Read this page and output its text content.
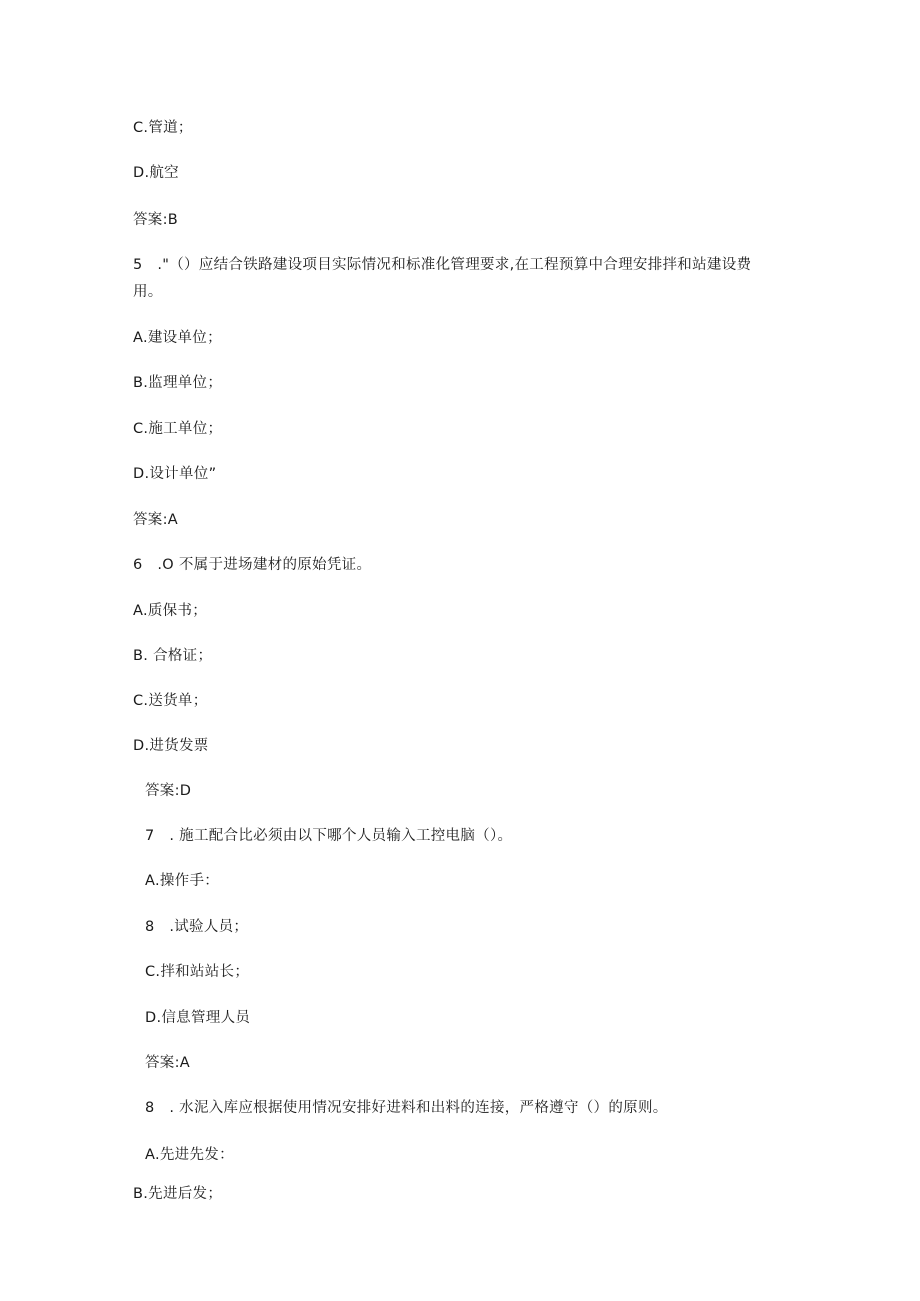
C.管道；
D.航空
答案:B
5 ."（）应结合铁路建设项目实际情况和标准化管理要求,在工程预算中合理安排拌和站建设费
用。
A.建设单位；
B.监理单位；
C.施工单位；
D.设计单位”
答案:A
6 .O 不属于进场建材的原始凭证。
A.质保书；
B. 合格证；
C.送货单；
D.进货发票
答案:D
7 . 施工配合比必须由以下哪个人员输入工控电脑（）。
A.操作手：
8 .试验人员；
C.拌和站站长；
D.信息管理人员
答案:A
8 . 水泥入库应根据使用情况安排好进料和出料的连接，严格遵守（）的原则。
A.先进先发：
B.先进后发；
